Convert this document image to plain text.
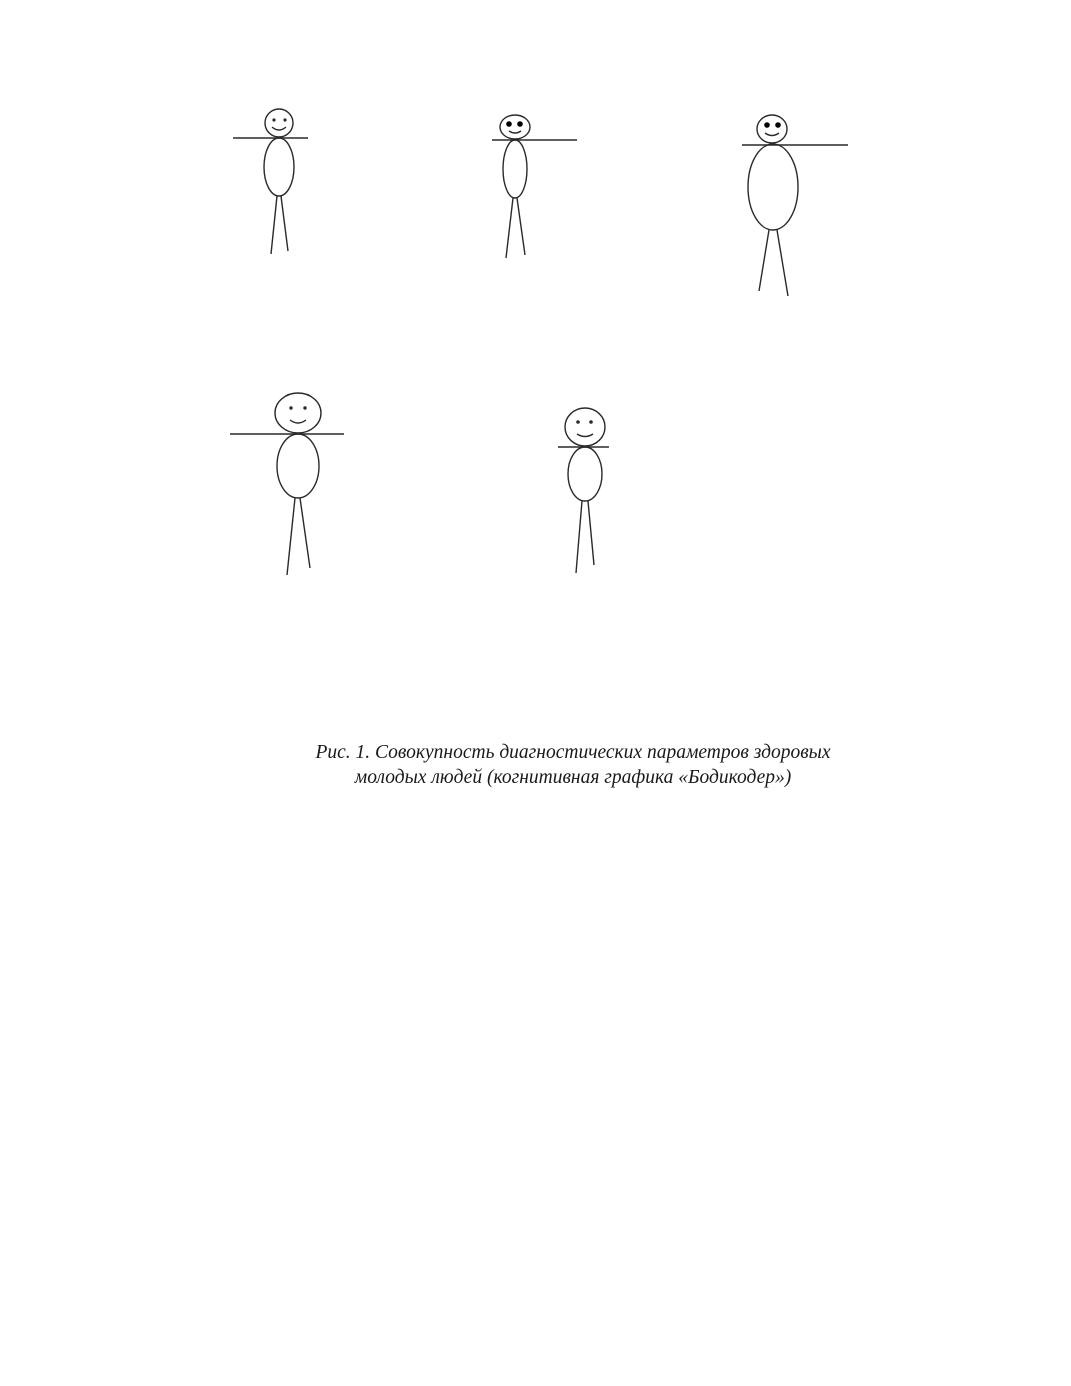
Рис. 1. Совокупность диагностических параметров здоровых
молодых людей (когнитивная графика «Бодикодер»)
